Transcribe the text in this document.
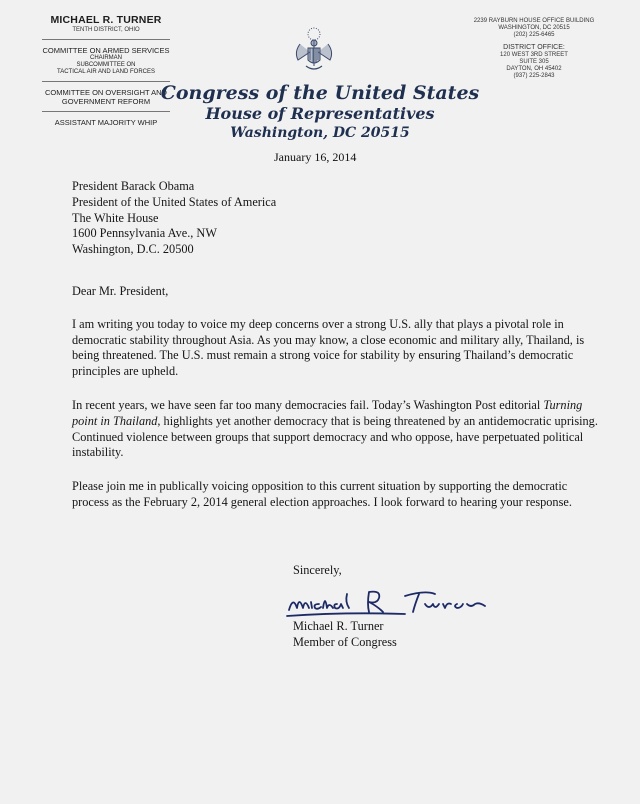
MICHAEL R. TURNER
TENTH DISTRICT, OHIO
COMMITTEE ON ARMED SERVICES
CHAIRMAN
SUBCOMMITTEE ON
TACTICAL AIR AND LAND FORCES
COMMITTEE ON OVERSIGHT AND
GOVERNMENT REFORM
ASSISTANT MAJORITY WHIP
2239 RAYBURN HOUSE OFFICE BUILDING
WASHINGTON, DC 20515
(202) 225-6465
DISTRICT OFFICE:
120 WEST 3RD STREET
SUITE 305
DAYTON, OH 45402
(937) 225-2843
Congress of the United States
House of Representatives
Washington, DC 20515
January 16, 2014
President Barack Obama
President of the United States of America
The White House
1600 Pennsylvania Ave., NW
Washington, D.C. 20500
Dear Mr. President,
I am writing you today to voice my deep concerns over a strong U.S. ally that plays a pivotal role in democratic stability throughout Asia. As you may know, a close economic and military ally, Thailand, is being threatened. The U.S. must remain a strong voice for stability by ensuring Thailand’s democratic principles are upheld.
In recent years, we have seen far too many democracies fail. Today’s Washington Post editorial Turning point in Thailand, highlights yet another democracy that is being threatened by an antidemocratic uprising. Continued violence between groups that support democracy and who oppose, have perpetuated political instability.
Please join me in publically voicing opposition to this current situation by supporting the democratic process as the February 2, 2014 general election approaches. I look forward to hearing your response.
Sincerely,
Michael R. Turner
Member of Congress
